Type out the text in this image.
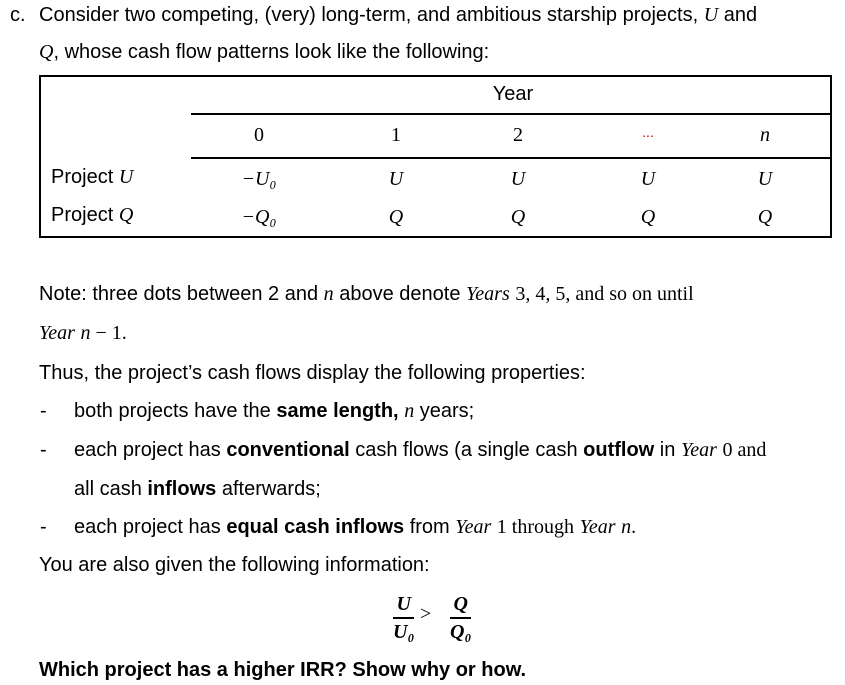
c. Consider two competing, (very) long-term, and ambitious starship projects, U and
Q, whose cash flow patterns look like the following:
Year
0	1	2	...	n
Project U	−U₀	U	U	U	U
Project Q	−Q₀	Q	Q	Q	Q
Note: three dots between 2 and n above denote Years 3, 4, 5, and so on until
Year n − 1.
Thus, the project’s cash flows display the following properties:
- both projects have the same length, n years;
- each project has conventional cash flows (a single cash outflow in Year 0 and
all cash inflows afterwards;
- each project has equal cash inflows from Year 1 through Year n.
You are also given the following information:
U
U₀
> Q
Q₀
Which project has a higher IRR? Show why or how.
